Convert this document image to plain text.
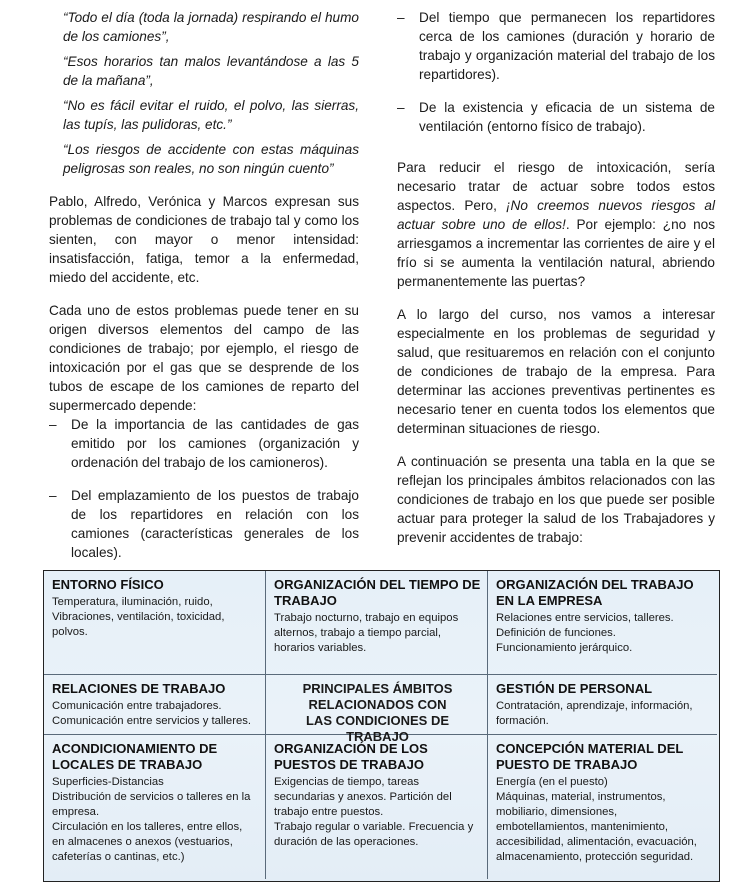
“Todo el día (toda la jornada) respirando el humo de los camiones”,

“Esos horarios tan malos levantándose a las 5 de la mañana”,

“No es fácil evitar el ruido, el polvo, las sierras, las tupís, las pulidoras, etc.”

“Los riesgos de accidente con estas máquinas peligrosas son reales, no son ningún cuento”

Pablo, Alfredo, Verónica y Marcos expresan sus problemas de condiciones de trabajo tal y como los sienten, con mayor o menor intensidad: insatisfacción, fatiga, temor a la enfermedad, miedo del accidente, etc.

Cada uno de estos problemas puede tener en su origen diversos elementos del campo de las condiciones de trabajo; por ejemplo, el riesgo de intoxicación por el gas que se desprende de los tubos de escape de los camiones de reparto del supermercado depende:

– De la importancia de las cantidades de gas emitido por los camiones (organización y ordenación del trabajo de los camioneros).
– Del emplazamiento de los puestos de trabajo de los repartidores en relación con los camiones (características generales de los locales).
– Del tiempo que permanecen los repartidores cerca de los camiones (duración y horario de trabajo y organización material del trabajo de los repartidores).
– De la existencia y eficacia de un sistema de ventilación (entorno físico de trabajo).

Para reducir el riesgo de intoxicación, sería necesario tratar de actuar sobre todos estos aspectos. Pero, ¡No creemos nuevos riesgos al actuar sobre uno de ellos!. Por ejemplo: ¿no nos arriesgamos a incrementar las corrientes de aire y el frío si se aumenta la ventilación natural, abriendo permanentemente las puertas?

A lo largo del curso, nos vamos a interesar especialmente en los problemas de seguridad y salud, que resituaremos en relación con el conjunto de condiciones de trabajo de la empresa. Para determinar las acciones preventivas pertinentes es necesario tener en cuenta todos los elementos que determinan situaciones de riesgo.

A continuación se presenta una tabla en la que se reflejan los principales ámbitos relacionados con las condiciones de trabajo en los que puede ser posible actuar para proteger la salud de los Trabajadores y prevenir accidentes de trabajo:

ENTORNO FÍSICO
Temperatura, iluminación, ruido,
Vibraciones, ventilación, toxicidad,
polvos.
ORGANIZACIÓN DEL TIEMPO DE TRABAJO
Trabajo nocturno, trabajo en equipos
alternos, trabajo a tiempo parcial,
horarios variables.
ORGANIZACIÓN DEL TRABAJO EN LA EMPRESA
Relaciones entre servicios, talleres.
Definición de funciones.
Funcionamiento jerárquico.
RELACIONES DE TRABAJO
Comunicación entre trabajadores.
Comunicación entre servicios y talleres.
PRINCIPALES ÁMBITOS
RELACIONADOS CON
LAS CONDICIONES DE TRABAJO
GESTIÓN DE PERSONAL
Contratación, aprendizaje, información,
formación.
ACONDICIONAMIENTO DE LOCALES DE TRABAJO
Superficies-Distancias
Distribución de servicios o talleres en la
empresa.
Circulación en los talleres, entre ellos,
en almacenes o anexos (vestuarios,
cafeterías o cantinas, etc.)
ORGANIZACIÓN DE LOS PUESTOS DE TRABAJO
Exigencias de tiempo, tareas
secundarias y anexos. Partición del
trabajo entre puestos.
Trabajo regular o variable. Frecuencia y
duración de las operaciones.
CONCEPCIÓN MATERIAL DEL PUESTO DE TRABAJO
Energía (en el puesto)
Máquinas, material, instrumentos,
mobiliario, dimensiones,
embotellamientos, mantenimiento,
accesibilidad, alimentación, evacuación,
almacenamiento, protección seguridad.
